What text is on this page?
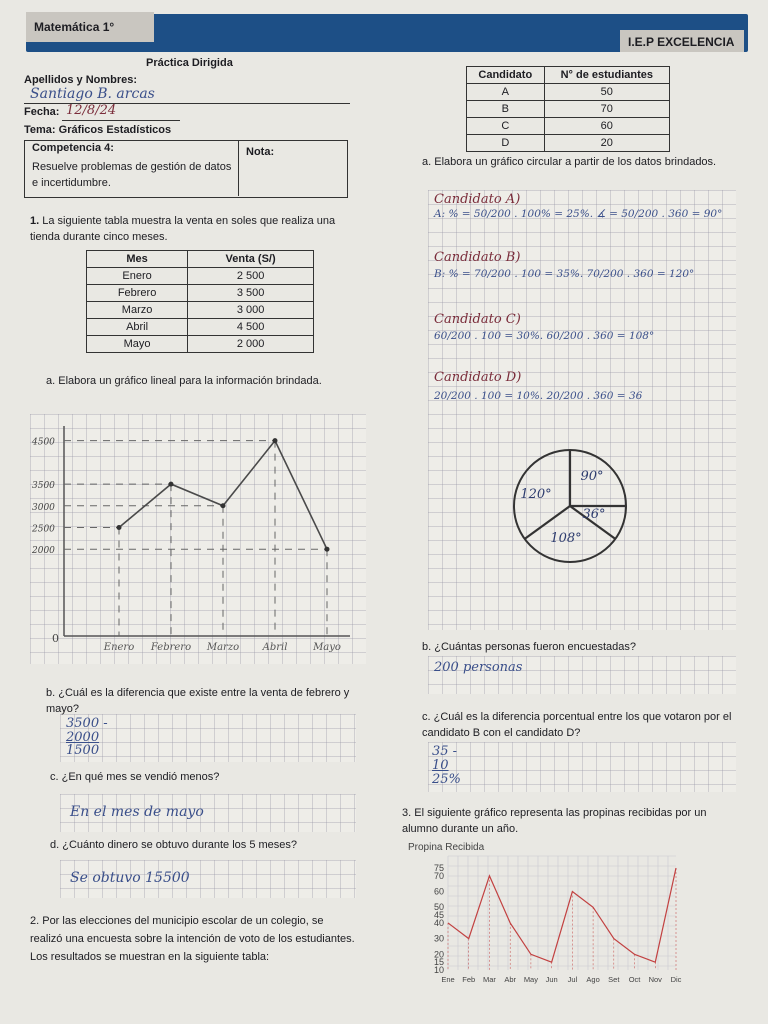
Matemática 1°
I.E.P EXCELENCIA
Práctica Dirigida
Apellidos y Nombres:
Santiago B. arcas
Fecha: 12/8/24
Tema: Gráficos Estadísticos
Competencia 4:
Resuelve problemas de gestión de datos e incertidumbre.
Nota:
Candidato	N° de estudiantes
A	50
B	70
C	60
D	20
1. La siguiente tabla muestra la venta en soles que realiza una tienda durante cinco meses.
Mes	Venta (S/)
Enero	2 500
Febrero	3 500
Marzo	3 000
Abril	4 500
Mayo	2 000
a. Elabora un gráfico lineal para la información brindada.
4500
3500
3000
2500
2000
0
Enero Febrero Marzo Abril	Mayo
b. ¿Cuál es la diferencia que existe entre la venta de febrero y mayo?
3500 -
2000
1500
c. ¿En qué mes se vendió menos?
En el mes de mayo
d. ¿Cuánto dinero se obtuvo durante los 5 meses?
Se obtuvo 15500
2. Por las elecciones del municipio escolar de un colegio, se realizó una encuesta sobre la intención de voto de los estudiantes. Los resultados se muestran en la siguiente tabla:
a. Elabora un gráfico circular a partir de los datos brindados.
Candidato A)
A: % = 50/200 . 100% = 25%. ∡ = 50/200 . 360 = 90°
Candidato B)
B: % = 70/200 . 100 = 35%. 70/200 . 360 = 120°
Candidato C)
60/200 . 100 = 30%. 60/200 . 360 = 108°
Candidato D)
20/200 . 100 = 10%. 20/200 . 360 = 36
90°
36°
108°
120°
b. ¿Cuántas personas fueron encuestadas?
200 personas
c. ¿Cuál es la diferencia porcentual entre los que votaron por el candidato B con el candidato D?
35 -
10
25%
3. El siguiente gráfico representa las propinas recibidas por un alumno durante un año.
Propina Recibida
75
70
60
50
45
40
30
20
15
10
Ene Feb Mar Abr May Jun Jul Ago Set Oct Nov Dic
